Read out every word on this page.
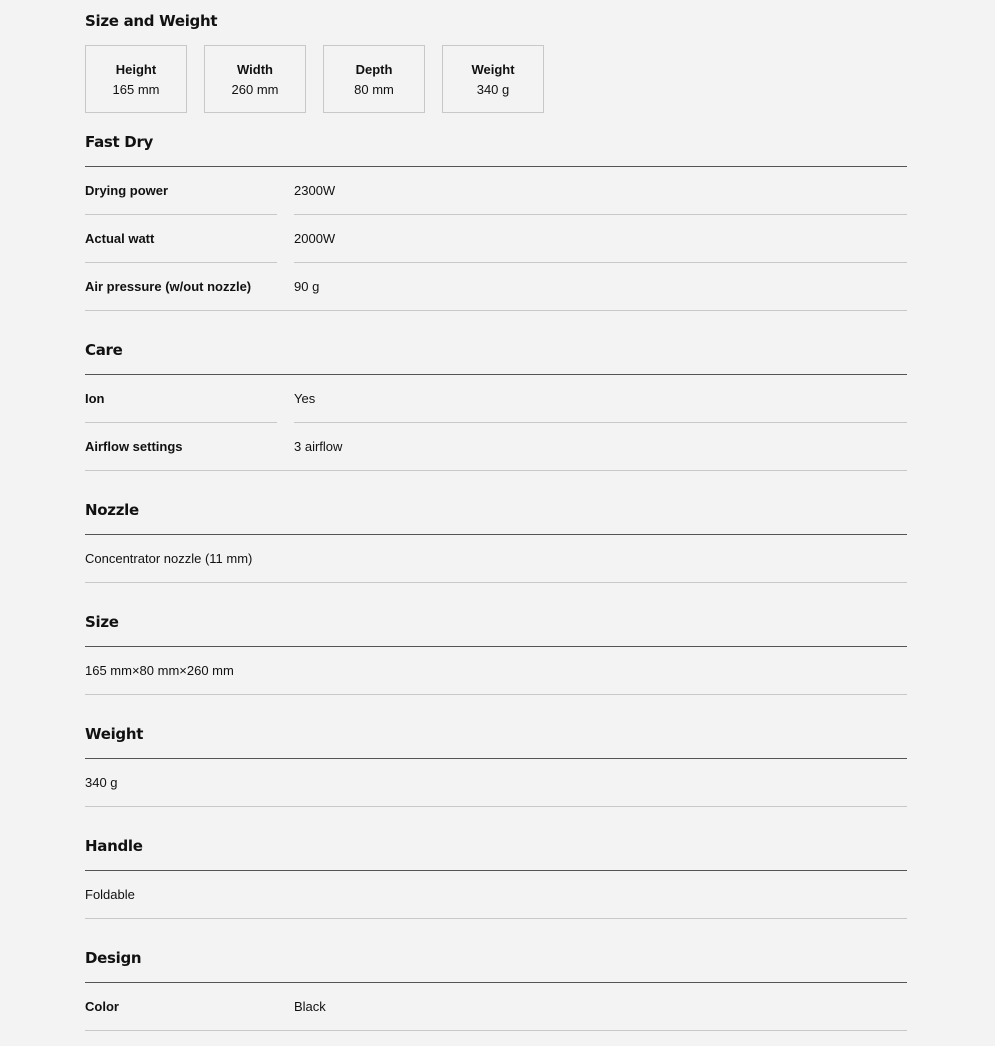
Size and Weight
Height
165 mm
Width
260 mm
Depth
80 mm
Weight
340 g
Fast Dry
Drying power	2300W
Actual watt	2000W
Air pressure (w/out nozzle)	90 g
Care
Ion	Yes
Airflow settings	3 airflow
Nozzle
Concentrator nozzle (11 mm)
Size
165 mm×80 mm×260 mm
Weight
340 g
Handle
Foldable
Design
Color	Black
